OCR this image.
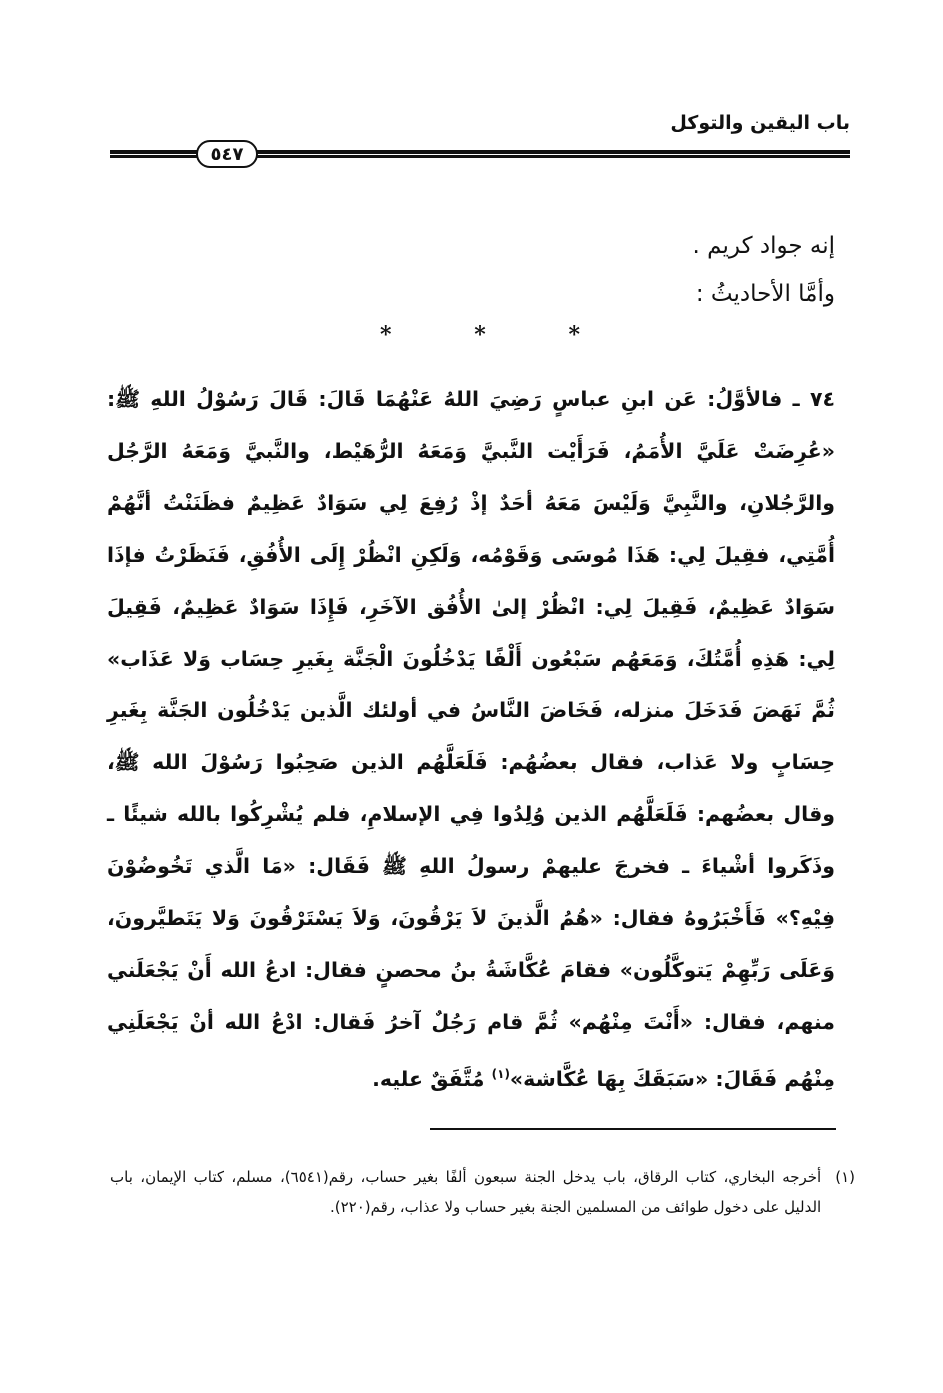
باب اليقين والتوكل
٥٤٧

إنه جواد كريم .

وأمَّا الأحاديثُ :

*
*
*

٧٤ ـ فالأوَّلُ: عَن ابنِ عباسٍ رَضِيَ اللهُ عَنْهُمَا قَالَ: قَالَ رَسُوْلُ اللهِ ﷺ: «عُرِضَتْ عَلَيَّ الأُمَمُ، فَرَأَيْت النَّبيَّ وَمَعَهُ الرُّهَيْط، والنَّبيَّ وَمَعَهُ الرَّجُل والرَّجُلانِ، والنَّبِيَّ وَلَيْسَ مَعَهُ أحَدٌ إذْ رُفِعَ لِي سَوَادٌ عَظِيمٌ فظَنَنْتُ أنَّهُمْ أُمَّتِي، فقِيلَ لِي: هَذَا مُوسَى وَقَوْمُه، وَلَكِنِ انْظُرْ إِلَى الأُفُقِ، فَنَظَرْتُ فإذَا سَوَادٌ عَظِيمٌ، فَقِيلَ لِي: انْظُرْ إلىٰ الأُفُق الآخَرِ، فَإِذَا سَوَادٌ عَظِيمٌ، فَقِيلَ لِي: هَذِهِ أُمَّتُكَ، وَمَعَهُم سَبْعُون أَلْفًا يَدْخُلُونَ الْجَنَّة بِغَيرِ حِسَاب وَلا عَذَاب» ثُمَّ نَهَضَ فَدَخَلَ منزله، فَخَاضَ النَّاسُ في أولئك الَّذين يَدْخُلُون الجَنَّة بِغَيرِ حِسَابٍ ولا عَذاب، فقال بعضُهُم: فَلَعَلَّهُم الذين صَحِبُوا رَسُوْلَ الله ﷺ، وقال بعضُهم: فَلَعَلَّهُم الذين وُلِدُوا فِي الإسلامِ، فلم يُشْرِكُوا بالله شيئًا ـ وذَكَروا أشْياءَ ـ فخرجَ عليهمْ رسولُ اللهِ ﷺ فَقَال: «مَا الَّذي تَخُوضُوْنَ فِيْهِ؟» فَأَخْبَرُوهُ فقال: «هُمُ الَّذينَ لاَ يَرْقُونَ، وَلاَ يَسْتَرْقُونَ وَلا يَتَطيَّرونَ، وَعَلَى رَبِّهِمْ يَتوكَّلُون» فقامَ عُكَّاشَةُ بنُ محصنٍ فقال: ادعُ الله أَنْ يَجْعَلَني منهم، فقال: «أَنْتَ مِنْهُم» ثُمَّ قام رَجُلٌ آخرُ فَقال: ادْعُ الله أنْ يَجْعَلَنِي مِنْهُم فَقَالَ: «سَبَقَكَ بِهَا عُكَّاشة»$^{(١)}$ مُتَّفَقٌ عليه.

(١)
أخرجه البخاري، كتاب الرقاق، باب يدخل الجنة سبعون ألفًا بغير حساب، رقم(٦٥٤١)، مسلم، كتاب الإيمان، باب الدليل على دخول طوائف من المسلمين الجنة بغير حساب ولا عذاب، رقم(٢٢٠).
